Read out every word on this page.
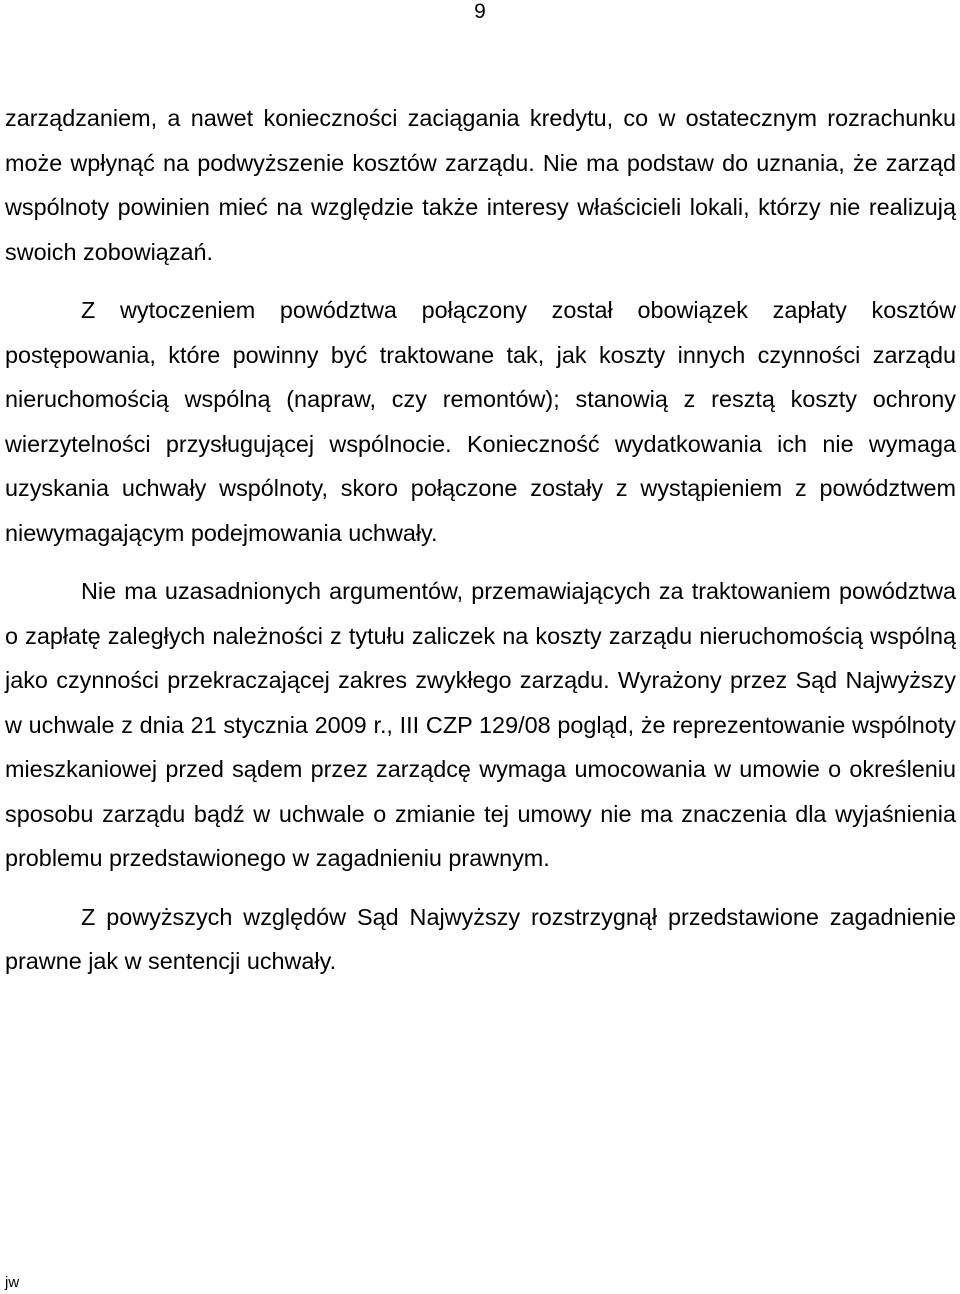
9

zarządzaniem, a nawet konieczności zaciągania kredytu, co w ostatecznym rozrachunku może wpłynąć na podwyższenie kosztów zarządu. Nie ma podstaw do uznania, że zarząd wspólnoty powinien mieć na względzie także interesy właścicieli lokali, którzy nie realizują swoich zobowiązań.

Z wytoczeniem powództwa połączony został obowiązek zapłaty kosztów postępowania, które powinny być traktowane tak, jak koszty innych czynności zarządu nieruchomością wspólną (napraw, czy remontów); stanowią z resztą koszty ochrony wierzytelności przysługującej wspólnocie. Konieczność wydatkowania ich nie wymaga uzyskania uchwały wspólnoty, skoro połączone zostały z wystąpieniem z powództwem niewymagającym podejmowania uchwały.

Nie ma uzasadnionych argumentów, przemawiających za traktowaniem powództwa o zapłatę zaległych należności z tytułu zaliczek na koszty zarządu nieruchomością wspólną jako czynności przekraczającej zakres zwykłego zarządu. Wyrażony przez Sąd Najwyższy w uchwale z dnia 21 stycznia 2009 r., III CZP 129/08 pogląd, że reprezentowanie wspólnoty mieszkaniowej przed sądem przez zarządcę wymaga umocowania w umowie o określeniu sposobu zarządu bądź w uchwale o zmianie tej umowy nie ma znaczenia dla wyjaśnienia problemu przedstawionego w zagadnieniu prawnym.

Z powyższych względów Sąd Najwyższy rozstrzygnął przedstawione zagadnienie prawne jak w sentencji uchwały.

jw
